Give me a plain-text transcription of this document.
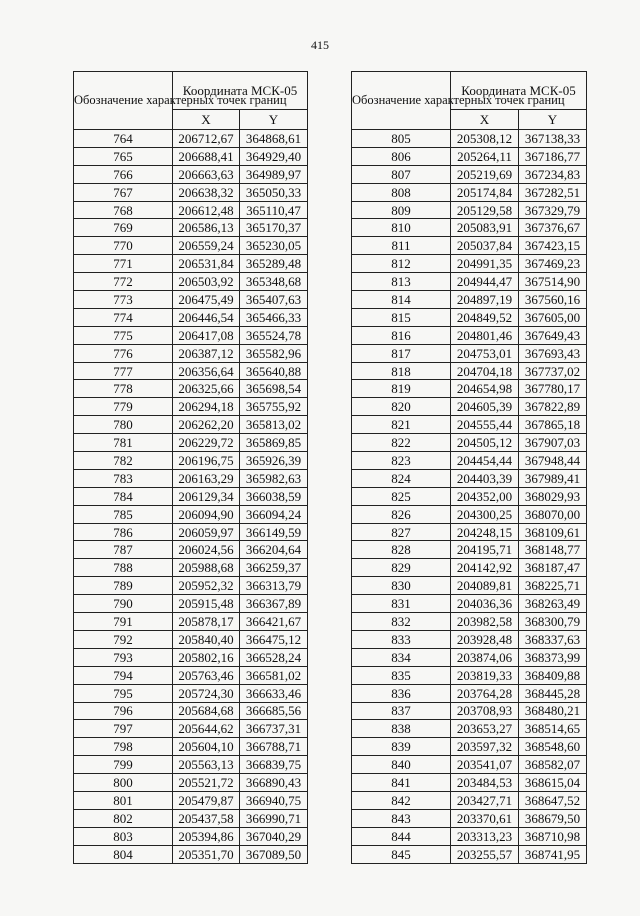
415
Обозначение характерных точек границ	Координата МСК-05	
	X	Y
764	206712,67	364868,61
765	206688,41	364929,40
766	206663,63	364989,97
767	206638,32	365050,33
768	206612,48	365110,47
769	206586,13	365170,37
770	206559,24	365230,05
771	206531,84	365289,48
772	206503,92	365348,68
773	206475,49	365407,63
774	206446,54	365466,33
775	206417,08	365524,78
776	206387,12	365582,96
777	206356,64	365640,88
778	206325,66	365698,54
779	206294,18	365755,92
780	206262,20	365813,02
781	206229,72	365869,85
782	206196,75	365926,39
783	206163,29	365982,63
784	206129,34	366038,59
785	206094,90	366094,24
786	206059,97	366149,59
787	206024,56	366204,64
788	205988,68	366259,37
789	205952,32	366313,79
790	205915,48	366367,89
791	205878,17	366421,67
792	205840,40	366475,12
793	205802,16	366528,24
794	205763,46	366581,02
795	205724,30	366633,46
796	205684,68	366685,56
797	205644,62	366737,31
798	205604,10	366788,71
799	205563,13	366839,75
800	205521,72	366890,43
801	205479,87	366940,75
802	205437,58	366990,71
803	205394,86	367040,29
804	205351,70	367089,50
Обозначение характерных точек границ	Координата МСК-05	
	X	Y
805	205308,12	367138,33
806	205264,11	367186,77
807	205219,69	367234,83
808	205174,84	367282,51
809	205129,58	367329,79
810	205083,91	367376,67
811	205037,84	367423,15
812	204991,35	367469,23
813	204944,47	367514,90
814	204897,19	367560,16
815	204849,52	367605,00
816	204801,46	367649,43
817	204753,01	367693,43
818	204704,18	367737,02
819	204654,98	367780,17
820	204605,39	367822,89
821	204555,44	367865,18
822	204505,12	367907,03
823	204454,44	367948,44
824	204403,39	367989,41
825	204352,00	368029,93
826	204300,25	368070,00
827	204248,15	368109,61
828	204195,71	368148,77
829	204142,92	368187,47
830	204089,81	368225,71
831	204036,36	368263,49
832	203982,58	368300,79
833	203928,48	368337,63
834	203874,06	368373,99
835	203819,33	368409,88
836	203764,28	368445,28
837	203708,93	368480,21
838	203653,27	368514,65
839	203597,32	368548,60
840	203541,07	368582,07
841	203484,53	368615,04
842	203427,71	368647,52
843	203370,61	368679,50
844	203313,23	368710,98
845	203255,57	368741,95
